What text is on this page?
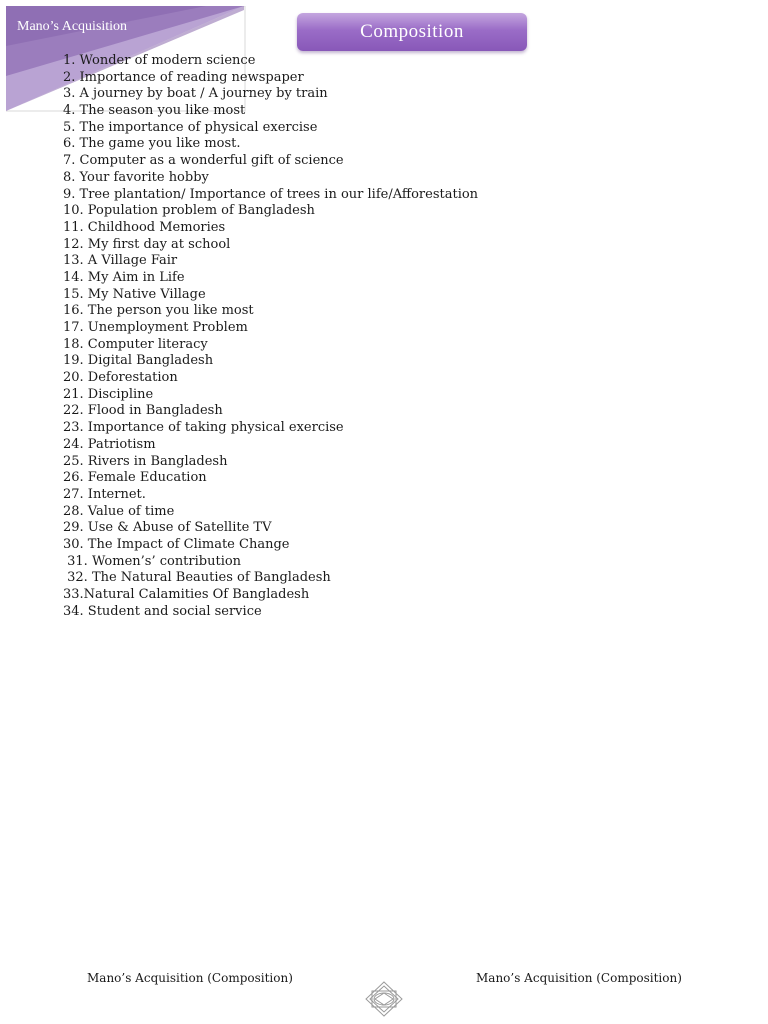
Mano’s Acquisition	Composition
1. Wonder of modern science
2. Importance of reading newspaper
3. A journey by boat / A journey by train
4. The season you like most
5. The importance of physical exercise
6. The game you like most.
7. Computer as a wonderful gift of science
8. Your favorite hobby
9. Tree plantation/ Importance of trees in our life/Afforestation
10. Population problem of Bangladesh
11. Childhood Memories
12. My first day at school
13. A Village Fair
14. My Aim in Life
15. My Native Village
16. The person you like most
17. Unemployment Problem
18. Computer literacy
19. Digital Bangladesh
20. Deforestation
21. Discipline
22. Flood in Bangladesh
23. Importance of taking physical exercise
24. Patriotism
25. Rivers in Bangladesh
26. Female Education
27. Internet.
28. Value of time
29. Use & Abuse of Satellite TV
30. The Impact of Climate Change
31. Women’s’ contribution
32. The Natural Beauties of Bangladesh
33.Natural Calamities Of Bangladesh
34. Student and social service
Mano’s Acquisition (Composition)	Mano’s Acquisition (Composition)
